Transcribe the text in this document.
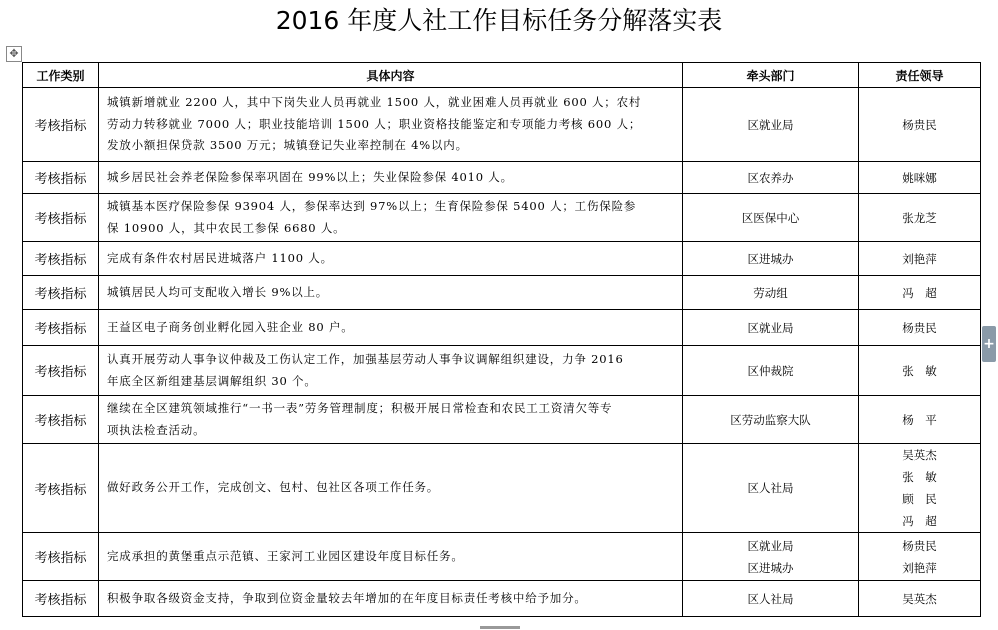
2016 年度人社工作目标任务分解落实表
✥
工作类别	具体内容	牵头部门	责任领导
考核指标	城镇新增就业 2200 人，其中下岗失业人员再就业 1500 人，就业困难人员再就业 600 人；农村
劳动力转移就业 7000 人；职业技能培训 1500 人；职业资格技能鉴定和专项能力考核 600 人；
发放小额担保贷款 3500 万元；城镇登记失业率控制在 4%以内。	区就业局	杨贵民

考核指标	城乡居民社会养老保险参保率巩固在 99%以上；失业保险参保 4010 人。	区农养办	姚咪娜

考核指标	城镇基本医疗保险参保 93904 人，参保率达到 97%以上；生育保险参保 5400 人；工伤保险参
保 10900 人，其中农民工参保 6680 人。	区医保中心	张龙芝

考核指标	完成有条件农村居民进城落户 1100 人。	区进城办	刘艳萍

考核指标	城镇居民人均可支配收入增长 9%以上。	劳动组	冯　超

考核指标	王益区电子商务创业孵化园入驻企业 80 户。	区就业局	杨贵民

考核指标	认真开展劳动人事争议仲裁及工伤认定工作，加强基层劳动人事争议调解组织建设，力争 2016
年底全区新组建基层调解组织 30 个。	区仲裁院	张　敏

考核指标	继续在全区建筑领域推行“一书一表”劳务管理制度；积极开展日常检查和农民工工资清欠等专
项执法检查活动。	区劳动监察大队	杨　平

考核指标	做好政务公开工作，完成创文、包村、包社区各项工作任务。	区人社局	吴英杰
张　敏
顾　民
冯　超

考核指标	完成承担的黄堡重点示范镇、王家河工业园区建设年度目标任务。	区就业局
区进城办	杨贵民
刘艳萍

考核指标	积极争取各级资金支持，争取到位资金量较去年增加的在年度目标责任考核中给予加分。	区人社局	吴英杰
+
